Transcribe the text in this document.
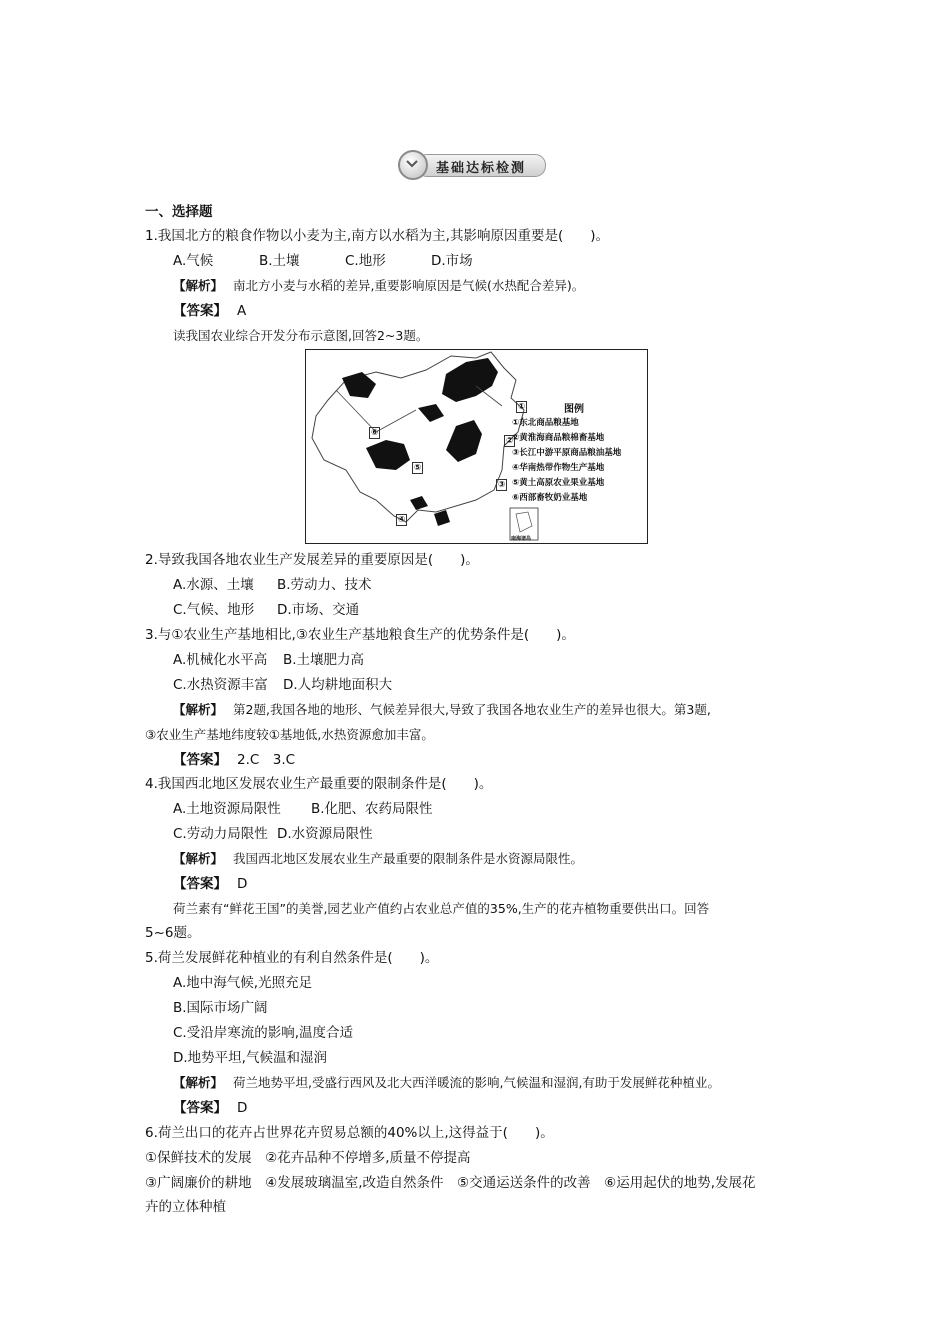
基础达标检测
一、选择题
1.我国北方的粮食作物以小麦为主,南方以水稻为主,其影响原因重要是(　　)。
A.气候	B.土壤	C.地形	D.市场
【解析】 南北方小麦与水稻的差异,重要影响原因是气候(水热配合差异)。
【答案】 A
读我国农业综合开发分布示意图,回答2~3题。
⑥
⑤
④
③
②
①	图例
①东北商品粮基地
②黄淮海商品粮棉畜基地
③长江中游平原商品粮油基地
④华南热带作物生产基地
⑤黄土高原农业果业基地
⑥西部畜牧奶业基地
南海诸岛
2.导致我国各地农业生产发展差异的重要原因是(　　)。
A.水源、土壤 B.劳动力、技术
C.气候、地形 D.市场、交通
3.与①农业生产基地相比,③农业生产基地粮食生产的优势条件是(　　)。
A.机械化水平高 B.土壤肥力高
C.水热资源丰富 D.人均耕地面积大
【解析】 第2题,我国各地的地形、气候差异很大,导致了我国各地农业生产的差异也很大。第3题,
③农业生产基地纬度较①基地低,水热资源愈加丰富。
【答案】 2.C　3.C
4.我国西北地区发展农业生产最重要的限制条件是(　　)。
A.土地资源局限性 B.化肥、农药局限性
C.劳动力局限性 D.水资源局限性
【解析】 我国西北地区发展农业生产最重要的限制条件是水资源局限性。
【答案】 D
荷兰素有“鲜花王国”的美誉,园艺业产值约占农业总产值的35%,生产的花卉植物重要供出口。回答
5~6题。
5.荷兰发展鲜花种植业的有利自然条件是(　　)。
A.地中海气候,光照充足
B.国际市场广阔
C.受沿岸寒流的影响,温度合适
D.地势平坦,气候温和湿润
【解析】 荷兰地势平坦,受盛行西风及北大西洋暖流的影响,气候温和湿润,有助于发展鲜花种植业。
【答案】 D
6.荷兰出口的花卉占世界花卉贸易总额的40%以上,这得益于(　　)。
①保鲜技术的发展　②花卉品种不停增多,质量不停提高
③广阔廉价的耕地　④发展玻璃温室,改造自然条件　⑤交通运送条件的改善　⑥运用起伏的地势,发展花
卉的立体种植
